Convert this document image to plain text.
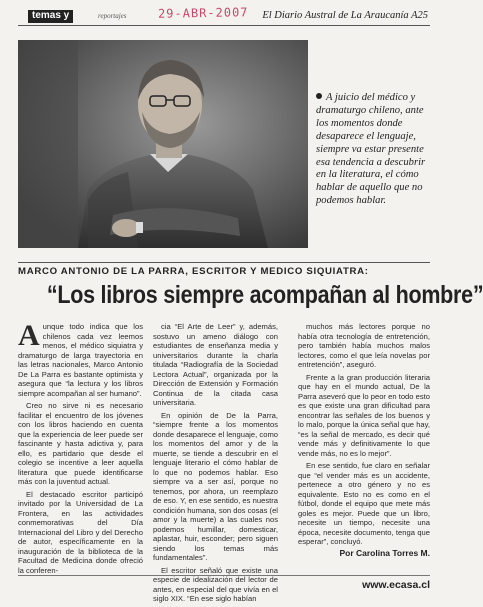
temas y	reportajes	29-ABR-2007 El Diario Austral de La Araucanía A25
A juicio del médico y dramaturgo chileno, ante los momentos donde desaparece el lenguaje, siempre va estar presente esa tendencia a descubrir en la literatura, el cómo hablar de aquello que no podemos hablar.
MARCO ANTONIO DE LA PARRA, ESCRITOR Y MEDICO SIQUIATRA:
“Los libros siempre acompañan al hombre”

Aunque todo indica que los chilenos cada vez leemos menos, el médico siquiatra y dramaturgo de larga trayectoria en las letras nacionales, Marco Antonio De La Parra es bastante optimista y asegura que “la lectura y los libros siempre acompañan al ser humano”.

Creo no sirve ni es necesario facilitar el encuentro de los jóvenes con los libros haciendo en cuenta que la experiencia de leer puede ser fascinante y hasta adictiva y, para ello, es partidario que desde el colegio se incentive a leer aquella literatura que puede identificarse más con la juventud actual.

El destacado escritor participó invitado por la Universidad de La Frontera, en las actividades conmemorativas del Día Internacional del Libro y del Derecho de autor, específicamente en la inauguración de la biblioteca de la Facultad de Medicina donde ofreció la conferen-

cia “El Arte de Leer” y, además, sostuvo un ameno diálogo con estudiantes de enseñanza media y universitarios durante la charla titulada “Radiografía de la Sociedad Lectora Actual”, organizada por la Dirección de Extensión y Formación Continua de la citada casa universitaria.

En opinión de De la Parra, “siempre frente a los momentos donde desaparece el lenguaje, como los momentos del amor y de la muerte, se tiende a descubrir en el lenguaje literario el cómo hablar de lo que no podemos hablar. Eso siempre va a ser así, porque no tenemos, por ahora, un reemplazo de eso. Y, en ese sentido, es nuestra condición humana, son dos cosas (el amor y la muerte) a las cuales nos podemos humillar, domesticar, aplastar, huir, esconder; pero siguen siendo los temas más fundamentales”.

El escritor señaló que existe una especie de idealización del lector de antes, en especial del que vivía en el siglo XIX. “En ese siglo habían

muchos más lectores porque no había otra tecnología de entretención, pero también había muchos malos lectores, como el que leía novelas por entretención”, aseguró.

Frente a la gran producción literaria que hay en el mundo actual, De la Parra aseveró que lo peor en todo esto es que existe una gran dificultad para encontrar las señales de los buenos y lo malo, porque la única señal que hay, “es la señal de mercado, es decir qué vende más y definitivamente lo que vende más, no es lo mejor”.

En ese sentido, fue claro en señalar que “el vender más es un accidente, pertenece a otro género y no es equivalente. Esto no es como en el fútbol, donde el equipo que mete más goles es mejor. Puede que un libro, necesite un tiempo, necesite una época, necesite documento, tenga que esperar”, concluyó.

Por Carolina Torres M.
www.ecasa.cl
